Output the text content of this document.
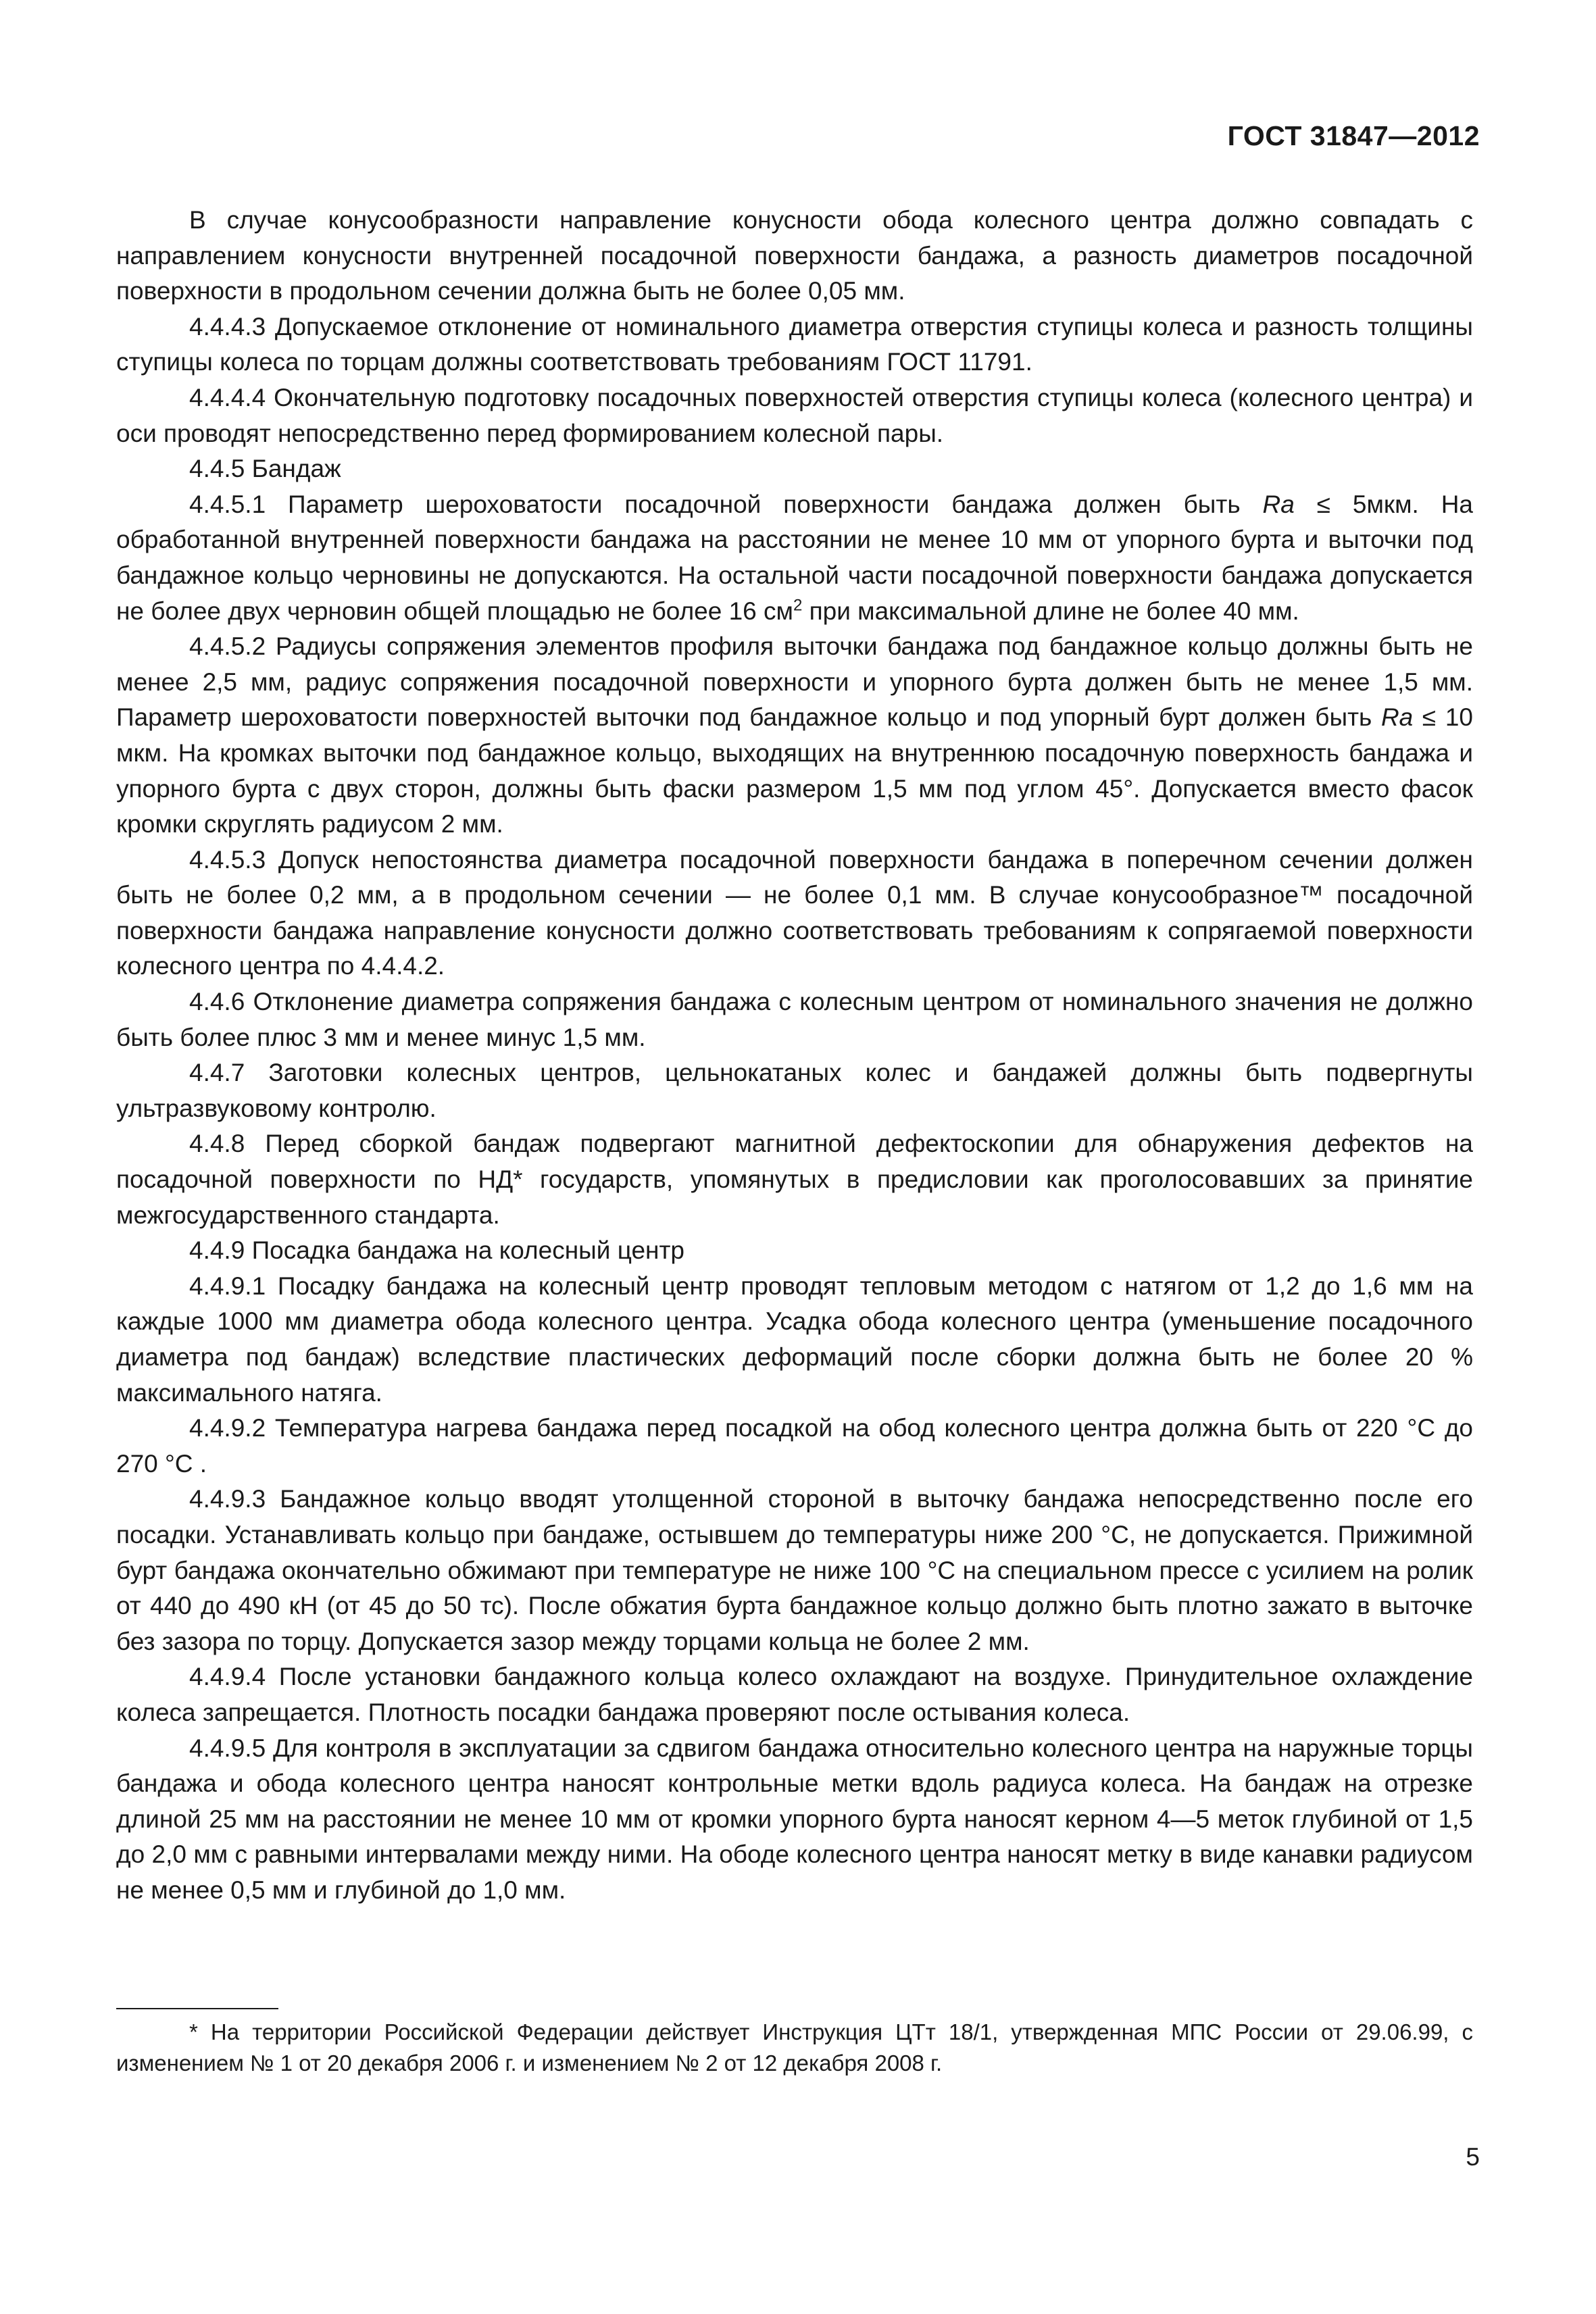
ГОСТ 31847—2012

В случае конусообразности направление конусности обода колесного центра должно совпадать с направлением конусности внутренней посадочной поверхности бандажа, а разность диаметров посадочной поверхности в продольном сечении должна быть не более 0,05 мм.

4.4.4.3 Допускаемое отклонение от номинального диаметра отверстия ступицы колеса и разность толщины ступицы колеса по торцам должны соответствовать требованиям ГОСТ 11791.

4.4.4.4 Окончательную подготовку посадочных поверхностей отверстия ступицы колеса (колесного центра) и оси проводят непосредственно перед формированием колесной пары.

4.4.5 Бандаж

4.4.5.1 Параметр шероховатости посадочной поверхности бандажа должен быть Ra ≤ 5мкм. На обработанной внутренней поверхности бандажа на расстоянии не менее 10 мм от упорного бурта и выточки под бандажное кольцо черновины не допускаются. На остальной части посадочной поверхности бандажа допускается не более двух черновин общей площадью не более 16 $см^2$ при максимальной длине не более 40 мм.

4.4.5.2 Радиусы сопряжения элементов профиля выточки бандажа под бандажное кольцо должны быть не менее 2,5 мм, радиус сопряжения посадочной поверхности и упорного бурта должен быть не менее 1,5 мм. Параметр шероховатости поверхностей выточки под бандажное кольцо и под упорный бурт должен быть Ra ≤ 10 мкм. На кромках выточки под бандажное кольцо, выходящих на внутреннюю посадочную поверхность бандажа и упорного бурта с двух сторон, должны быть фаски размером 1,5 мм под углом 45°. Допускается вместо фасок кромки скруглять радиусом 2 мм.

4.4.5.3 Допуск непостоянства диаметра посадочной поверхности бандажа в поперечном сечении должен быть не более 0,2 мм, а в продольном сечении — не более 0,1 мм. В случае конусообразное™ посадочной поверхности бандажа направление конусности должно соответствовать требованиям к сопрягаемой поверхности колесного центра по 4.4.4.2.

4.4.6 Отклонение диаметра сопряжения бандажа с колесным центром от номинального значения не должно быть более плюс 3 мм и менее минус 1,5 мм.

4.4.7 Заготовки колесных центров, цельнокатаных колес и бандажей должны быть подвергнуты ультразвуковому контролю.

4.4.8 Перед сборкой бандаж подвергают магнитной дефектоскопии для обнаружения дефектов на посадочной поверхности по НД* государств, упомянутых в предисловии как проголосовавших за принятие межгосударственного стандарта.

4.4.9 Посадка бандажа на колесный центр

4.4.9.1 Посадку бандажа на колесный центр проводят тепловым методом с натягом от 1,2 до 1,6 мм на каждые 1000 мм диаметра обода колесного центра. Усадка обода колесного центра (уменьшение посадочного диаметра под бандаж) вследствие пластических деформаций после сборки должна быть не более 20 % максимального натяга.

4.4.9.2 Температура нагрева бандажа перед посадкой на обод колесного центра должна быть от 220 °С до 270 °С .

4.4.9.3 Бандажное кольцо вводят утолщенной стороной в выточку бандажа непосредственно после его посадки. Устанавливать кольцо при бандаже, остывшем до температуры ниже 200 °С, не допускается. Прижимной бурт бандажа окончательно обжимают при температуре не ниже 100 °С на специальном прессе с усилием на ролик от 440 до 490 кН (от 45 до 50 тс). После обжатия бурта бандажное кольцо должно быть плотно зажато в выточке без зазора по торцу. Допускается зазор между торцами кольца не более 2 мм.

4.4.9.4 После установки бандажного кольца колесо охлаждают на воздухе. Принудительное охлаждение колеса запрещается. Плотность посадки бандажа проверяют после остывания колеса.

4.4.9.5 Для контроля в эксплуатации за сдвигом бандажа относительно колесного центра на наружные торцы бандажа и обода колесного центра наносят контрольные метки вдоль радиуса колеса. На бандаж на отрезке длиной 25 мм на расстоянии не менее 10 мм от кромки упорного бурта наносят керном 4—5 меток глубиной от 1,5 до 2,0 мм с равными интервалами между ними. На ободе колесного центра наносят метку в виде канавки радиусом не менее 0,5 мм и глубиной до 1,0 мм.

* На территории Российской Федерации действует Инструкция ЦТт 18/1, утвержденная МПС России от 29.06.99, с изменением № 1 от 20 декабря 2006 г. и изменением № 2 от 12 декабря 2008 г.

5
